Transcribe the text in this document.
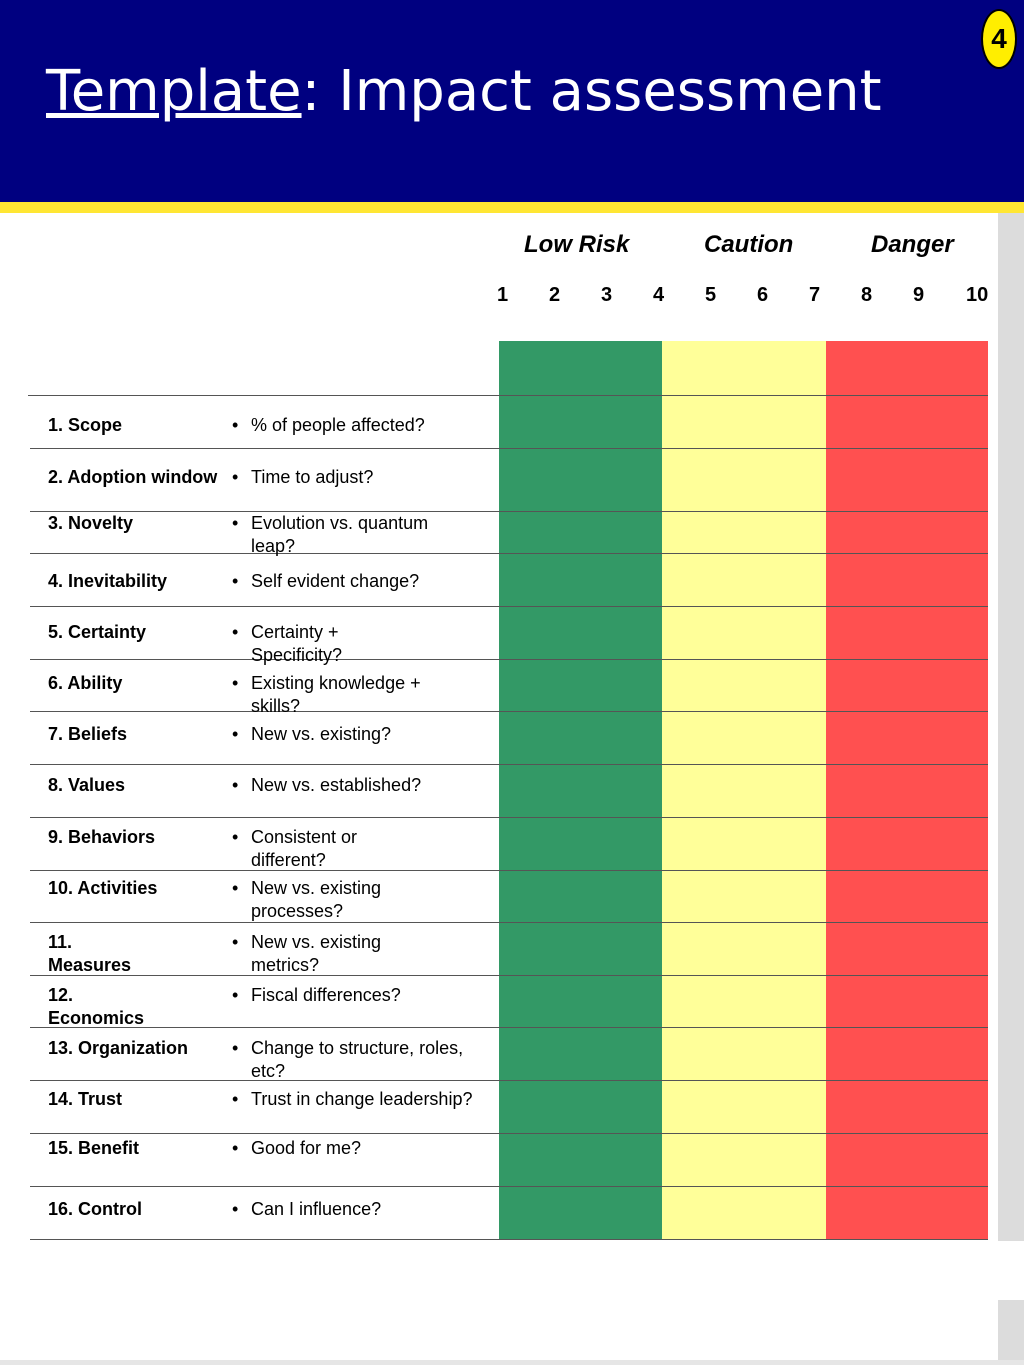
Template: Impact assessment
4
Low Risk	Caution	Danger
1 2 3 4 5 6 7 8 9 10
1. Scope	• % of people affected?
2. Adoption window • Time to adjust?
3. Novelty	• Evolution vs. quantum leap?
4. Inevitability	• Self evident change?
5. Certainty	• Certainty + Specificity?
6. Ability	• Existing knowledge + skills?
7. Beliefs	• New vs. existing?
8. Values	• New vs. established?
9. Behaviors	• Consistent or different?
10. Activities	• New vs. existing processes?
11. Measures
• New vs. existing metrics?
12. Economics
• Fiscal differences?
13. Organization • Change to structure, roles, etc?
14. Trust	• Trust in change leadership?
15. Benefit	• Good for me?
16. Control	• Can I influence?
